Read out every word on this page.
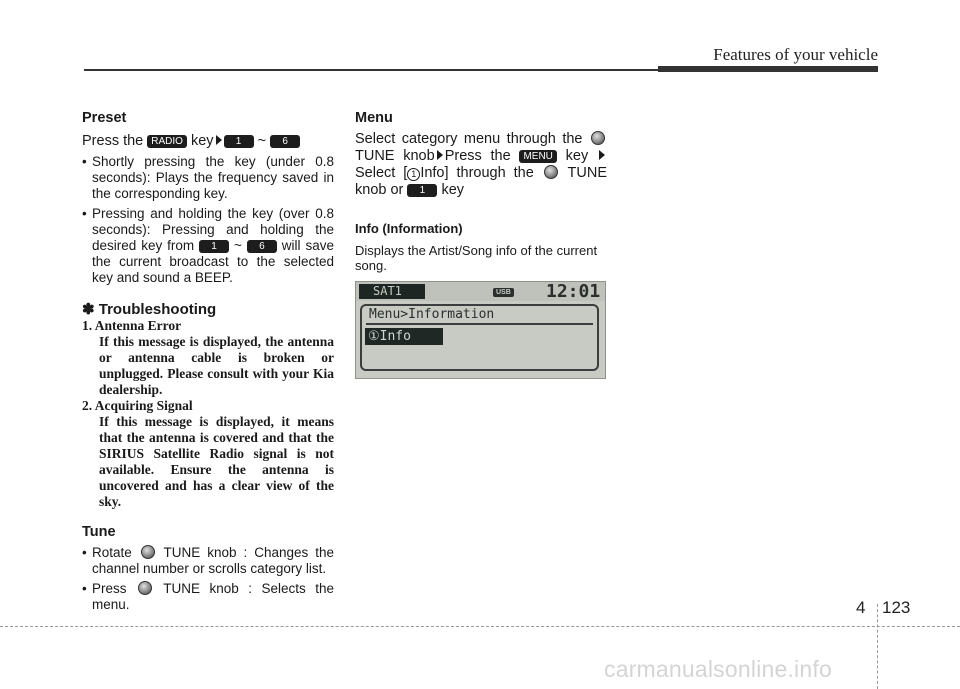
Features of your vehicle
Preset

Press the RADIO key 1 ~ 6

• Shortly pressing the key (under 0.8 seconds): Plays the frequency saved in the corresponding key.
• Pressing and holding the key (over 0.8 seconds): Pressing and holding the desired key from 1 ~ 6 will save the current broadcast to the selected key and sound a BEEP.
✽ Troubleshooting

1. Antenna Error

If this message is displayed, the antenna or antenna cable is broken or unplugged. Please consult with your Kia dealership.

2. Acquiring Signal

If this message is displayed, it means that the antenna is covered and that the SIRIUS Satellite Radio signal is not available. Ensure the antenna is uncovered and has a clear view of the sky.

Tune
• Rotate TUNE knob : Changes the channel number or scrolls category list.
• Press	TUNE knob : Selects the menu.
Menu

Select category menu through the TUNE knob Press the MENU key Select [ 1 Info] through the TUNE knob or 1 key

Info (Information)

Displays the Artist/Song info of the current song.

SAT1	USB 12:01
Menu>Information
①Info
4 123
carmanualsonline.info
